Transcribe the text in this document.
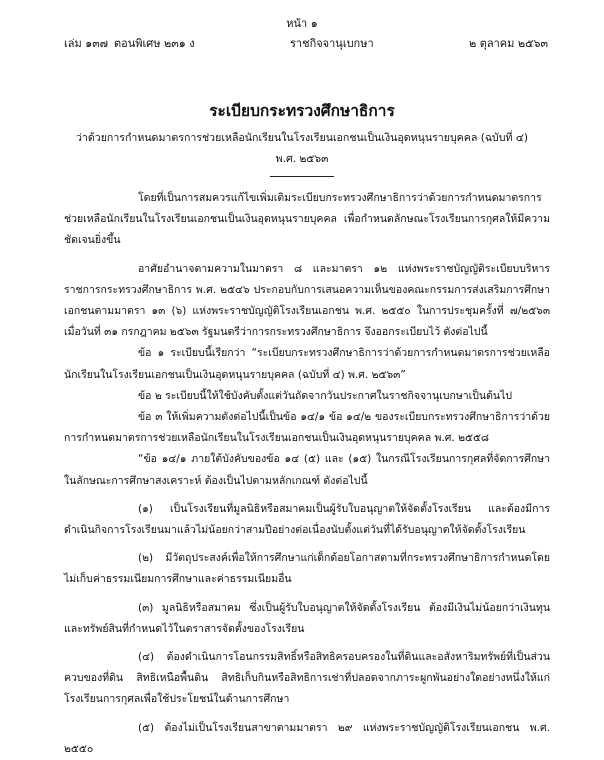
หน้า ๑
เล่ม ๑๓๗ ตอนพิเศษ ๒๓๑ ง	ราชกิจจานุเบกษา	๒ ตุลาคม ๒๕๖๓
ระเบียบกระทรวงศึกษาธิการ
ว่าด้วยการกำหนดมาตรการช่วยเหลือนักเรียนในโรงเรียนเอกชนเป็นเงินอุดหนุนรายบุคคล (ฉบับที่ ๔)
พ.ศ. ๒๕๖๓

โดยที่เป็นการสมควรแก้ไขเพิ่มเติมระเบียบกระทรวงศึกษาธิการว่าด้วยการกำหนดมาตรการช่วยเหลือนักเรียนในโรงเรียนเอกชนเป็นเงินอุดหนุนรายบุคคล เพื่อกำหนดลักษณะโรงเรียนการกุศลให้มีความชัดเจนยิ่งขึ้น

อาศัยอำนาจตามความในมาตรา ๘ และมาตรา ๑๒ แห่งพระราชบัญญัติระเบียบบริหารราชการกระทรวงศึกษาธิการ พ.ศ. ๒๕๔๖ ประกอบกับการเสนอความเห็นของคณะกรรมการส่งเสริมการศึกษาเอกชนตามมาตรา ๑๓ (๖) แห่งพระราชบัญญัติโรงเรียนเอกชน พ.ศ. ๒๕๕๐ ในการประชุมครั้งที่ ๗/๒๕๖๓ เมื่อวันที่ ๓๑ กรกฎาคม ๒๕๖๓ รัฐมนตรีว่าการกระทรวงศึกษาธิการ จึงออกระเบียบไว้ ดังต่อไปนี้

ข้อ ๑ ระเบียบนี้เรียกว่า “ระเบียบกระทรวงศึกษาธิการว่าด้วยการกำหนดมาตรการช่วยเหลือนักเรียนในโรงเรียนเอกชนเป็นเงินอุดหนุนรายบุคคล (ฉบับที่ ๔) พ.ศ. ๒๕๖๓”

ข้อ ๒ ระเบียบนี้ให้ใช้บังคับตั้งแต่วันถัดจากวันประกาศในราชกิจจานุเบกษาเป็นต้นไป

ข้อ ๓ ให้เพิ่มความดังต่อไปนี้เป็นข้อ ๑๔/๑ ข้อ ๑๔/๒ ของระเบียบกระทรวงศึกษาธิการว่าด้วยการกำหนดมาตรการช่วยเหลือนักเรียนในโรงเรียนเอกชนเป็นเงินอุดหนุนรายบุคคล พ.ศ. ๒๕๕๘

“ข้อ ๑๔/๑ ภายใต้บังคับของข้อ ๑๔ (๕) และ (๑๕) ในกรณีโรงเรียนการกุศลที่จัดการศึกษาในลักษณะการศึกษาสงเคราะห์ ต้องเป็นไปตามหลักเกณฑ์ ดังต่อไปนี้

(๑) เป็นโรงเรียนที่มูลนิธิหรือสมาคมเป็นผู้รับใบอนุญาตให้จัดตั้งโรงเรียน และต้องมีการดำเนินกิจการโรงเรียนมาแล้วไม่น้อยกว่าสามปีอย่างต่อเนื่องนับตั้งแต่วันที่ได้รับอนุญาตให้จัดตั้งโรงเรียน

(๒) มีวัตถุประสงค์เพื่อให้การศึกษาแก่เด็กด้อยโอกาสตามที่กระทรวงศึกษาธิการกำหนดโดยไม่เก็บค่าธรรมเนียมการศึกษาและค่าธรรมเนียมอื่น

(๓) มูลนิธิหรือสมาคม ซึ่งเป็นผู้รับใบอนุญาตให้จัดตั้งโรงเรียน ต้องมีเงินไม่น้อยกว่าเงินทุนและทรัพย์สินที่กำหนดไว้ในตราสารจัดตั้งของโรงเรียน

(๔) ต้องดำเนินการโอนกรรมสิทธิ์หรือสิทธิครอบครองในที่ดินและอสังหาริมทรัพย์ที่เป็นส่วนควบของที่ดิน สิทธิเหนือพื้นดิน สิทธิเก็บกินหรือสิทธิการเช่าที่ปลอดจากภาระผูกพันอย่างใดอย่างหนึ่งให้แก่โรงเรียนการกุศลเพื่อใช้ประโยชน์ในด้านการศึกษา

(๕) ต้องไม่เป็นโรงเรียนสาขาตามมาตรา ๒๙ แห่งพระราชบัญญัติโรงเรียนเอกชน พ.ศ. ๒๕๕๐
